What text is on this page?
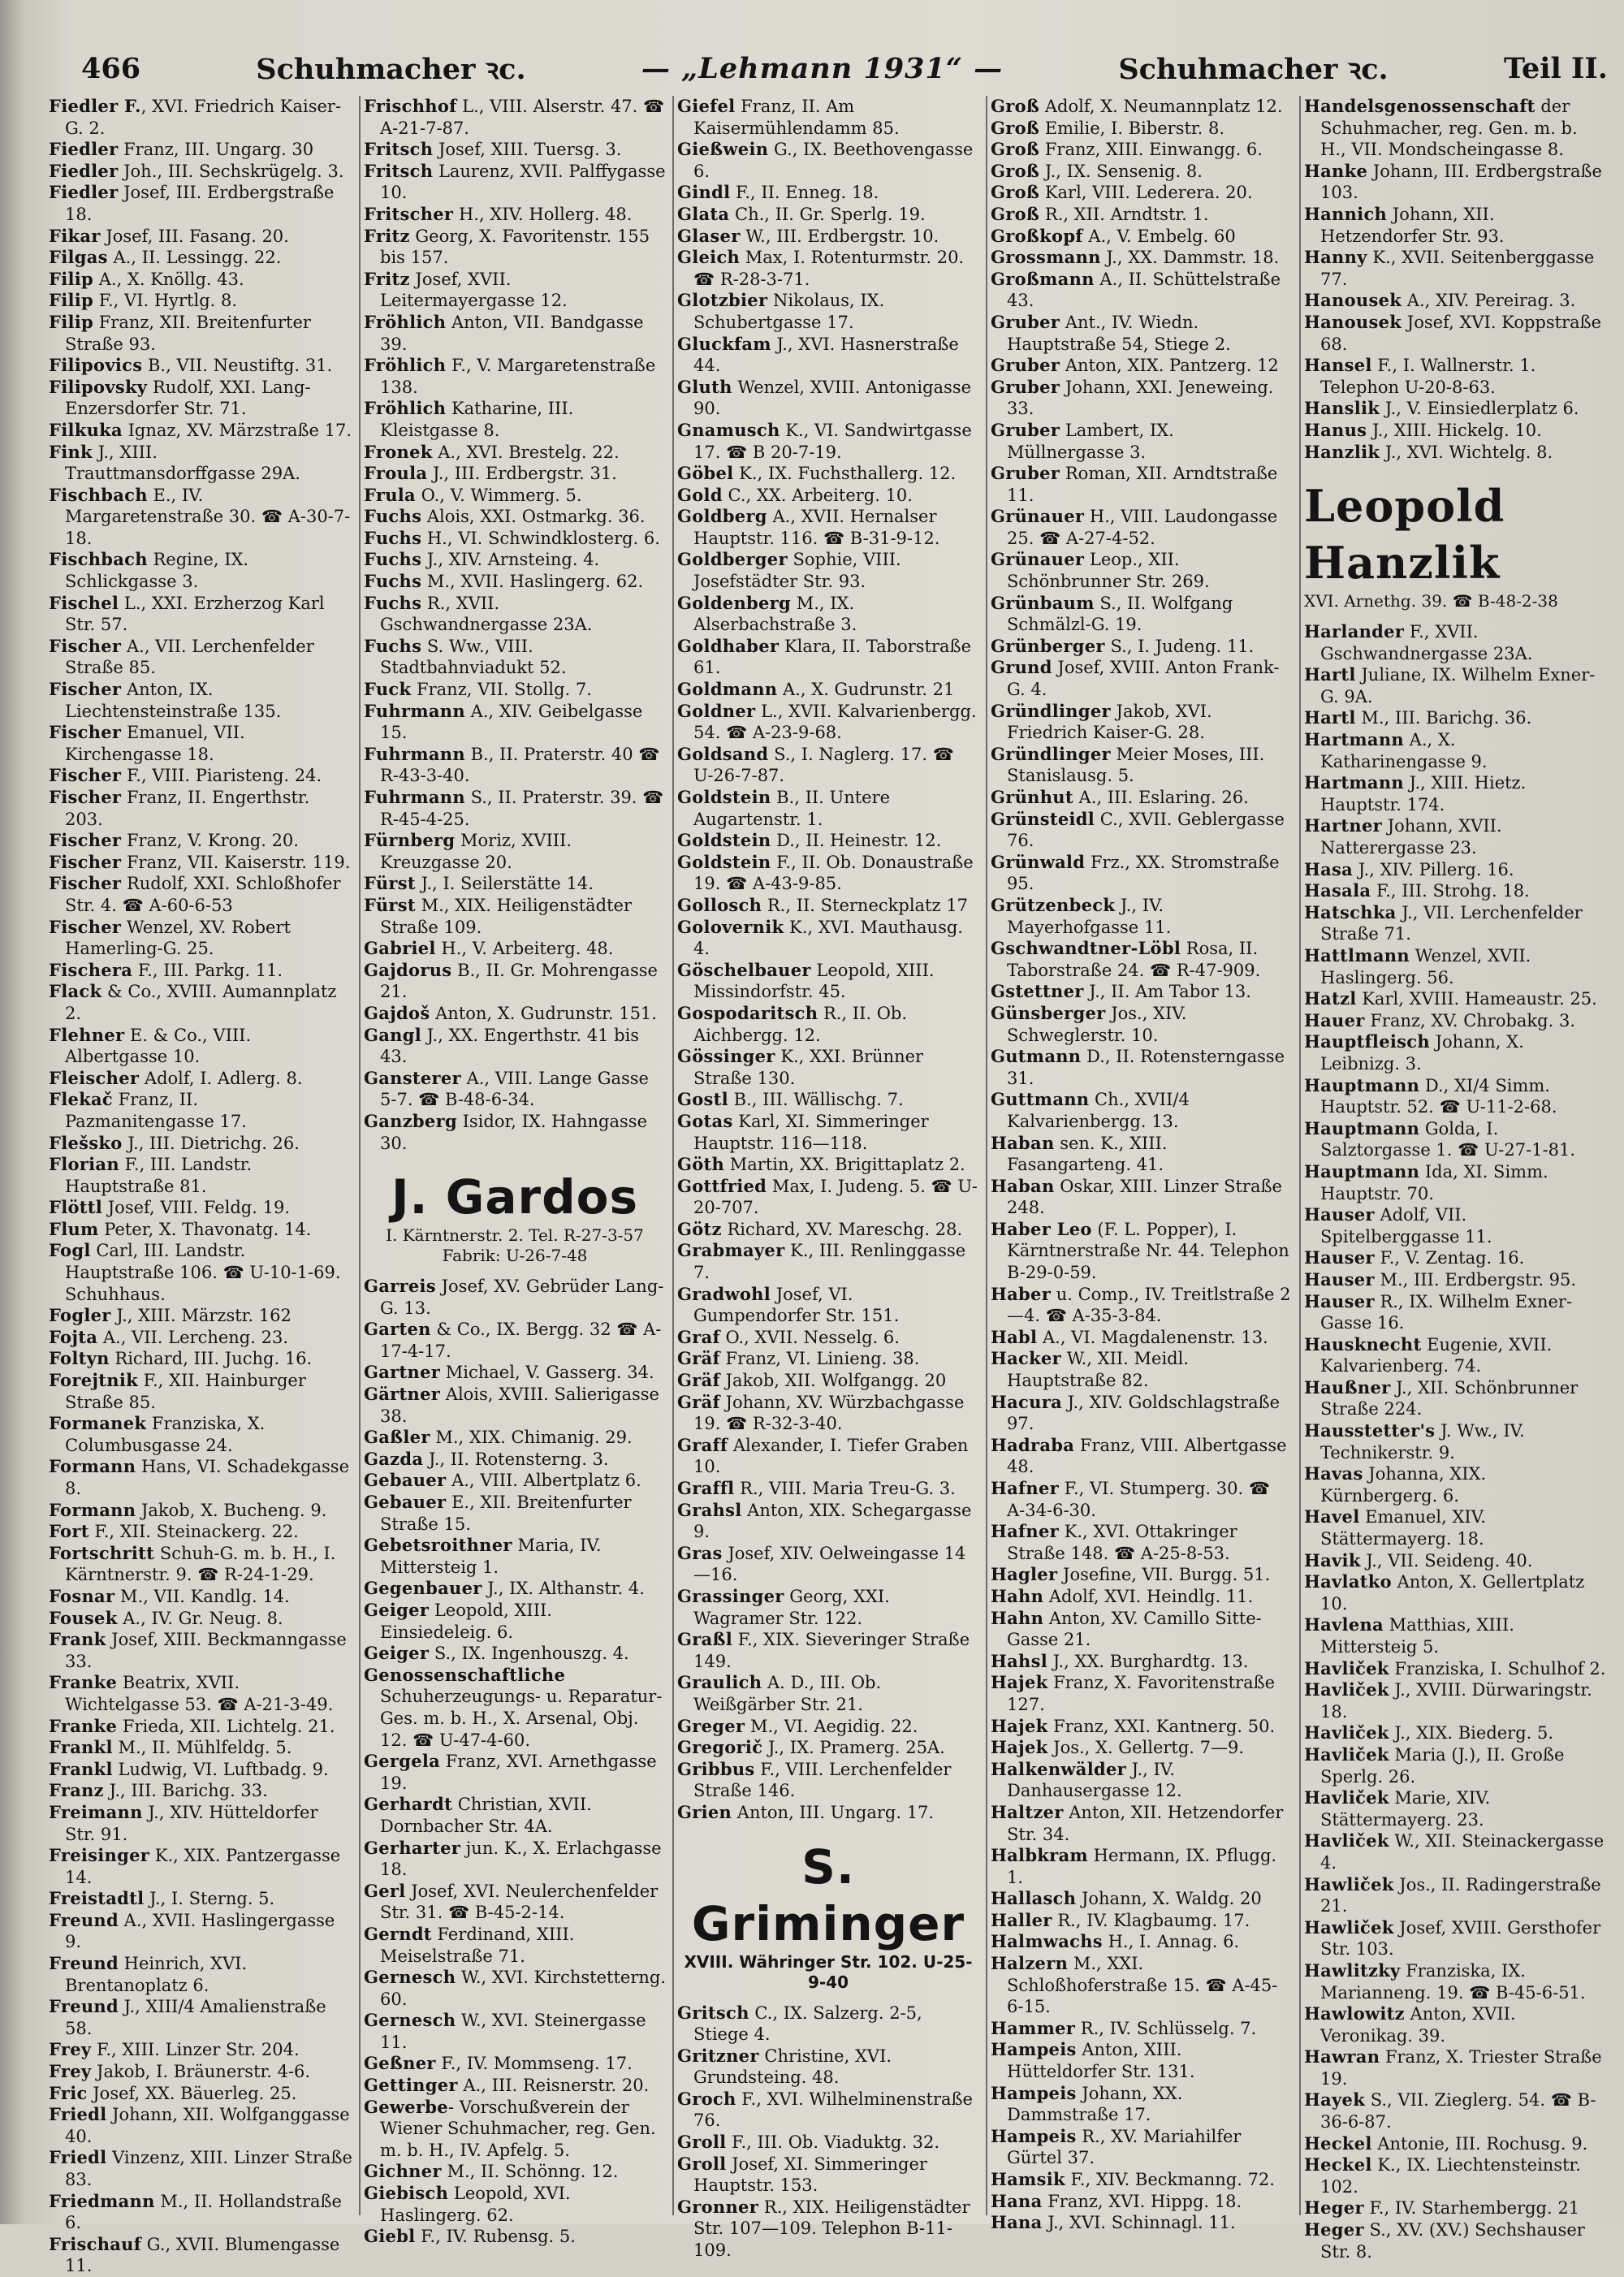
466	Schuhmacher ꝛc.	— „Lehmann 1931“ —	Schuhmacher ꝛc.	Teil II.

Fiedler F., XVI. Friedrich Kaiser-G. 2.

Fiedler Franz, III. Ungarg. 30

Fiedler Joh., III. Sechskrügelg. 3.

Fiedler Josef, III. Erdbergstraße 18.

Fikar Josef, III. Fasang. 20.

Filgas A., II. Lessingg. 22.

Filip A., X. Knöllg. 43.

Filip F., VI. Hyrtlg. 8.

Filip Franz, XII. Breitenfurter Straße 93.

Filipovics B., VII. Neustiftg. 31.

Filipovsky Rudolf, XXI. Lang-Enzersdorfer Str. 71.

Filkuka Ignaz, XV. Märzstraße 17.

Fink J., XIII. Trauttmansdorffgasse 29A.

Fischbach E., IV. Margaretenstraße 30. ☎ A-30-7-18.

Fischbach Regine, IX. Schlickgasse 3.

Fischel L., XXI. Erzherzog Karl Str. 57.

Fischer A., VII. Lerchenfelder Straße 85.

Fischer Anton, IX. Liechtensteinstraße 135.

Fischer Emanuel, VII. Kirchengasse 18.

Fischer F., VIII. Piaristeng. 24.

Fischer Franz, II. Engerthstr. 203.

Fischer Franz, V. Krong. 20.

Fischer Franz, VII. Kaiserstr. 119.

Fischer Rudolf, XXI. Schloßhofer Str. 4. ☎ A-60-6-53

Fischer Wenzel, XV. Robert Hamerling-G. 25.

Fischera F., III. Parkg. 11.

Flack & Co., XVIII. Aumannplatz 2.

Flehner E. & Co., VIII. Albertgasse 10.

Fleischer Adolf, I. Adlerg. 8.

Flekač Franz, II. Pazmanitengasse 17.

Flešsko J., III. Dietrichg. 26.

Florian F., III. Landstr. Hauptstraße 81.

Flöttl Josef, VIII. Feldg. 19.

Flum Peter, X. Thavonatg. 14.

Fogl Carl, III. Landstr. Hauptstraße 106. ☎ U-10-1-69. Schuhhaus.

Fogler J., XIII. Märzstr. 162

Fojta A., VII. Lercheng. 23.

Foltyn Richard, III. Juchg. 16.

Forejtnik F., XII. Hainburger Straße 85.

Formanek Franziska, X. Columbusgasse 24.

Formann Hans, VI. Schadekgasse 8.

Formann Jakob, X. Bucheng. 9.

Fort F., XII. Steinackerg. 22.

Fortschritt Schuh-G. m. b. H., I. Kärntnerstr. 9. ☎ R-24-1-29.

Fosnar M., VII. Kandlg. 14.

Fousek A., IV. Gr. Neug. 8.

Frank Josef, XIII. Beckmanngasse 33.

Franke Beatrix, XVII. Wichtelgasse 53. ☎ A-21-3-49.

Franke Frieda, XII. Lichtelg. 21.

Frankl M., II. Mühlfeldg. 5.

Frankl Ludwig, VI. Luftbadg. 9.

Franz J., III. Barichg. 33.

Freimann J., XIV. Hütteldorfer Str. 91.

Freisinger K., XIX. Pantzergasse 14.

Freistadtl J., I. Sterng. 5.

Freund A., XVII. Haslingergasse 9.

Freund Heinrich, XVI. Brentanoplatz 6.

Freund J., XIII/4 Amalienstraße 58.

Frey F., XIII. Linzer Str. 204.

Frey Jakob, I. Bräunerstr. 4-6.

Fric Josef, XX. Bäuerleg. 25.

Friedl Johann, XII. Wolfganggasse 40.

Friedl Vinzenz, XIII. Linzer Straße 83.

Friedmann M., II. Hollandstraße 6.

Frischauf G., XVII. Blumengasse 11.

Frischhof L., VIII. Alserstr. 47. ☎ A-21-7-87.

Fritsch Josef, XIII. Tuersg. 3.

Fritsch Laurenz, XVII. Palffygasse 10.

Fritscher H., XIV. Hollerg. 48.

Fritz Georg, X. Favoritenstr. 155 bis 157.

Fritz Josef, XVII. Leitermayergasse 12.

Fröhlich Anton, VII. Bandgasse 39.

Fröhlich F., V. Margaretenstraße 138.

Fröhlich Katharine, III. Kleistgasse 8.

Fronek A., XVI. Brestelg. 22.

Froula J., III. Erdbergstr. 31.

Frula O., V. Wimmerg. 5.

Fuchs Alois, XXI. Ostmarkg. 36.

Fuchs H., VI. Schwindklosterg. 6.

Fuchs J., XIV. Arnsteing. 4.

Fuchs M., XVII. Haslingerg. 62.

Fuchs R., XVII. Gschwandnergasse 23A.

Fuchs S. Ww., VIII. Stadtbahnviadukt 52.

Fuck Franz, VII. Stollg. 7.

Fuhrmann A., XIV. Geibelgasse 15.

Fuhrmann B., II. Praterstr. 40 ☎ R-43-3-40.

Fuhrmann S., II. Praterstr. 39. ☎ R-45-4-25.

Fürnberg Moriz, XVIII. Kreuzgasse 20.

Fürst J., I. Seilerstätte 14.

Fürst M., XIX. Heiligenstädter Straße 109.

Gabriel H., V. Arbeiterg. 48.

Gajdorus B., II. Gr. Mohrengasse 21.

Gajdoš Anton, X. Gudrunstr. 151.

Gangl J., XX. Engerthstr. 41 bis 43.

Gansterer A., VIII. Lange Gasse 5-7. ☎ B-48-6-34.

Ganzberg Isidor, IX. Hahngasse 30.

J. Gardos
I. Kärntnerstr. 2. Tel. R-27-3-57
Fabrik: U-26-7-48

Garreis Josef, XV. Gebrüder Lang-G. 13.

Garten & Co., IX. Bergg. 32 ☎ A-17-4-17.

Gartner Michael, V. Gasserg. 34.

Gärtner Alois, XVIII. Salierigasse 38.

Gaßler M., XIX. Chimanig. 29.

Gazda J., II. Rotensterng. 3.

Gebauer A., VIII. Albertplatz 6.

Gebauer E., XII. Breitenfurter Straße 15.

Gebetsroithner Maria, IV. Mittersteig 1.

Gegenbauer J., IX. Althanstr. 4.

Geiger Leopold, XIII. Einsiedeleig. 6.

Geiger S., IX. Ingenhouszg. 4.

Genossenschaftliche Schuherzeugungs- u. Reparatur-Ges. m. b. H., X. Arsenal, Obj. 12. ☎ U-47-4-60.

Gergela Franz, XVI. Arnethgasse 19.

Gerhardt Christian, XVII. Dornbacher Str. 4A.

Gerharter jun. K., X. Erlachgasse 18.

Gerl Josef, XVI. Neulerchenfelder Str. 31. ☎ B-45-2-14.

Gerndt Ferdinand, XIII. Meiselstraße 71.

Gernesch W., XVI. Kirchstetterng. 60.

Gernesch W., XVI. Steinergasse 11.

Geßner F., IV. Mommseng. 17.

Gettinger A., III. Reisnerstr. 20.

Gewerbe- Vorschußverein der Wiener Schuhmacher, reg. Gen. m. b. H., IV. Apfelg. 5.

Gichner M., II. Schönng. 12.

Giebisch Leopold, XVI. Haslingerg. 62.

Giebl F., IV. Rubensg. 5.

Giefel Franz, II. Am Kaisermühlendamm 85.

Gießwein G., IX. Beethovengasse 6.

Gindl F., II. Enneg. 18.

Glata Ch., II. Gr. Sperlg. 19.

Glaser W., III. Erdbergstr. 10.

Gleich Max, I. Rotenturmstr. 20. ☎ R-28-3-71.

Glotzbier Nikolaus, IX. Schubertgasse 17.

Gluckfam J., XVI. Hasnerstraße 44.

Gluth Wenzel, XVIII. Antonigasse 90.

Gnamusch K., VI. Sandwirtgasse 17. ☎ B 20-7-19.

Göbel K., IX. Fuchsthallerg. 12.

Gold C., XX. Arbeiterg. 10.

Goldberg A., XVII. Hernalser Hauptstr. 116. ☎ B-31-9-12.

Goldberger Sophie, VIII. Josefstädter Str. 93.

Goldenberg M., IX. Alserbachstraße 3.

Goldhaber Klara, II. Taborstraße 61.

Goldmann A., X. Gudrunstr. 21

Goldner L., XVII. Kalvarienbergg. 54. ☎ A-23-9-68.

Goldsand S., I. Naglerg. 17. ☎ U-26-7-87.

Goldstein B., II. Untere Augartenstr. 1.

Goldstein D., II. Heinestr. 12.

Goldstein F., II. Ob. Donaustraße 19. ☎ A-43-9-85.

Gollosch R., II. Sterneckplatz 17

Golovernik K., XVI. Mauthausg. 4.

Göschelbauer Leopold, XIII. Missindorfstr. 45.

Gospodaritsch R., II. Ob. Aichbergg. 12.

Gössinger K., XXI. Brünner Straße 130.

Gostl B., III. Wällischg. 7.

Gotas Karl, XI. Simmeringer Hauptstr. 116—118.

Göth Martin, XX. Brigittaplatz 2.

Gottfried Max, I. Judeng. 5. ☎ U-20-707.

Götz Richard, XV. Mareschg. 28.

Grabmayer K., III. Renlinggasse 7.

Gradwohl Josef, VI. Gumpendorfer Str. 151.

Graf O., XVII. Nesselg. 6.

Gräf Franz, VI. Linieng. 38.

Gräf Jakob, XII. Wolfgangg. 20

Gräf Johann, XV. Würzbachgasse 19. ☎ R-32-3-40.

Graff Alexander, I. Tiefer Graben 10.

Graffl R., VIII. Maria Treu-G. 3.

Grahsl Anton, XIX. Schegargasse 9.

Gras Josef, XIV. Oelweingasse 14—16.

Grassinger Georg, XXI. Wagramer Str. 122.

Graßl F., XIX. Sieveringer Straße 149.

Graulich A. D., III. Ob. Weißgärber Str. 21.

Greger M., VI. Aegidig. 22.

Gregorič J., IX. Pramerg. 25A.

Gribbus F., VIII. Lerchenfelder Straße 146.

Grien Anton, III. Ungarg. 17.

S. Griminger
XVIII. Währinger Str. 102. U-25-9-40

Gritsch C., IX. Salzerg. 2-5, Stiege 4.

Gritzner Christine, XVI. Grundsteing. 48.

Groch F., XVI. Wilhelminenstraße 76.

Groll F., III. Ob. Viaduktg. 32.

Groll Josef, XI. Simmeringer Hauptstr. 153.

Gronner R., XIX. Heiligenstädter Str. 107—109. Telephon B-11-109.

Groß Adolf, X. Neumannplatz 12.

Groß Emilie, I. Biberstr. 8.

Groß Franz, XIII. Einwangg. 6.

Groß J., IX. Sensenig. 8.

Groß Karl, VIII. Lederera. 20.

Groß R., XII. Arndtstr. 1.

Großkopf A., V. Embelg. 60

Grossmann J., XX. Dammstr. 18.

Großmann A., II. Schüttelstraße 43.

Gruber Ant., IV. Wiedn. Hauptstraße 54, Stiege 2.

Gruber Anton, XIX. Pantzerg. 12

Gruber Johann, XXI. Jeneweing. 33.

Gruber Lambert, IX. Müllnergasse 3.

Gruber Roman, XII. Arndtstraße 11.

Grünauer H., VIII. Laudongasse 25. ☎ A-27-4-52.

Grünauer Leop., XII. Schönbrunner Str. 269.

Grünbaum S., II. Wolfgang Schmälzl-G. 19.

Grünberger S., I. Judeng. 11.

Grund Josef, XVIII. Anton Frank-G. 4.

Gründlinger Jakob, XVI. Friedrich Kaiser-G. 28.

Gründlinger Meier Moses, III. Stanislausg. 5.

Grünhut A., III. Eslaring. 26.

Grünsteidl C., XVII. Geblergasse 76.

Grünwald Frz., XX. Stromstraße 95.

Grützenbeck J., IV. Mayerhofgasse 11.

Gschwandtner-Löbl Rosa, II. Taborstraße 24. ☎ R-47-909.

Gstettner J., II. Am Tabor 13.

Günsberger Jos., XIV. Schweglerstr. 10.

Gutmann D., II. Rotensterngasse 31.

Guttmann Ch., XVII/4 Kalvarienbergg. 13.

Haban sen. K., XIII. Fasangarteng. 41.

Haban Oskar, XIII. Linzer Straße 248.

Haber Leo (F. L. Popper), I. Kärntnerstraße Nr. 44. Telephon B-29-0-59.

Haber u. Comp., IV. Treitlstraße 2—4. ☎ A-35-3-84.

Habl A., VI. Magdalenenstr. 13.

Hacker W., XII. Meidl. Hauptstraße 82.

Hacura J., XIV. Goldschlagstraße 97.

Hadraba Franz, VIII. Albertgasse 48.

Hafner F., VI. Stumperg. 30. ☎ A-34-6-30.

Hafner K., XVI. Ottakringer Straße 148. ☎ A-25-8-53.

Hagler Josefine, VII. Burgg. 51.

Hahn Adolf, XVI. Heindlg. 11.

Hahn Anton, XV. Camillo Sitte-Gasse 21.

Hahsl J., XX. Burghardtg. 13.

Hajek Franz, X. Favoritenstraße 127.

Hajek Franz, XXI. Kantnerg. 50.

Hajek Jos., X. Gellertg. 7—9.

Halkenwälder J., IV. Danhausergasse 12.

Haltzer Anton, XII. Hetzendorfer Str. 34.

Halbkram Hermann, IX. Pflugg. 1.

Hallasch Johann, X. Waldg. 20

Haller R., IV. Klagbaumg. 17.

Halmwachs H., I. Annag. 6.

Halzern M., XXI. Schloßhoferstraße 15. ☎ A-45-6-15.

Hammer R., IV. Schlüsselg. 7.

Hampeis Anton, XIII. Hütteldorfer Str. 131.

Hampeis Johann, XX. Dammstraße 17.

Hampeis R., XV. Mariahilfer Gürtel 37.

Hamsik F., XIV. Beckmanng. 72.

Hana Franz, XVI. Hippg. 18.

Hana J., XVI. Schinnagl. 11.

Handelsgenossenschaft der Schuhmacher, reg. Gen. m. b. H., VII. Mondscheingasse 8.

Hanke Johann, III. Erdbergstraße 103.

Hannich Johann, XII. Hetzendorfer Str. 93.

Hanny K., XVII. Seitenberggasse 77.

Hanousek A., XIV. Pereirag. 3.

Hanousek Josef, XVI. Koppstraße 68.

Hansel F., I. Wallnerstr. 1. Telephon U-20-8-63.

Hanslik J., V. Einsiedlerplatz 6.

Hanus J., XIII. Hickelg. 10.

Hanzlik J., XVI. Wichtelg. 8.

Leopold Hanzlik
XVI. Arnethg. 39. ☎ B-48-2-38

Harlander F., XVII. Gschwandnergasse 23A.

Hartl Juliane, IX. Wilhelm Exner-G. 9A.

Hartl M., III. Barichg. 36.

Hartmann A., X. Katharinengasse 9.

Hartmann J., XIII. Hietz. Hauptstr. 174.

Hartner Johann, XVII. Natterergasse 23.

Hasa J., XIV. Pillerg. 16.

Hasala F., III. Strohg. 18.

Hatschka J., VII. Lerchenfelder Straße 71.

Hattlmann Wenzel, XVII. Haslingerg. 56.

Hatzl Karl, XVIII. Hameaustr. 25.

Hauer Franz, XV. Chrobakg. 3.

Hauptfleisch Johann, X. Leibnizg. 3.

Hauptmann D., XI/4 Simm. Hauptstr. 52. ☎ U-11-2-68.

Hauptmann Golda, I. Salztorgasse 1. ☎ U-27-1-81.

Hauptmann Ida, XI. Simm. Hauptstr. 70.

Hauser Adolf, VII. Spitelberggasse 11.

Hauser F., V. Zentag. 16.

Hauser M., III. Erdbergstr. 95.

Hauser R., IX. Wilhelm Exner-Gasse 16.

Hausknecht Eugenie, XVII. Kalvarienberg. 74.

Haußner J., XII. Schönbrunner Straße 224.

Hausstetter's J. Ww., IV. Technikerstr. 9.

Havas Johanna, XIX. Kürnbergerg. 6.

Havel Emanuel, XIV. Stättermayerg. 18.

Havik J., VII. Seideng. 40.

Havlatko Anton, X. Gellertplatz 10.

Havlena Matthias, XIII. Mittersteig 5.

Havliček Franziska, I. Schulhof 2.

Havliček J., XVIII. Dürwaringstr. 18.

Havliček J., XIX. Biederg. 5.

Havliček Maria (J.), II. Große Sperlg. 26.

Havliček Marie, XIV. Stättermayerg. 23.

Havliček W., XII. Steinackergasse 4.

Hawliček Jos., II. Radingerstraße 21.

Hawliček Josef, XVIII. Gersthofer Str. 103.

Hawlitzky Franziska, IX. Marianneng. 19. ☎ B-45-6-51.

Hawlowitz Anton, XVII. Veronikag. 39.

Hawran Franz, X. Triester Straße 19.

Hayek S., VII. Zieglerg. 54. ☎ B-36-6-87.

Heckel Antonie, III. Rochusg. 9.

Heckel K., IX. Liechtensteinstr. 102.

Heger F., IV. Starhembergg. 21

Heger S., XV. (XV.) Sechshauser Str. 8.
